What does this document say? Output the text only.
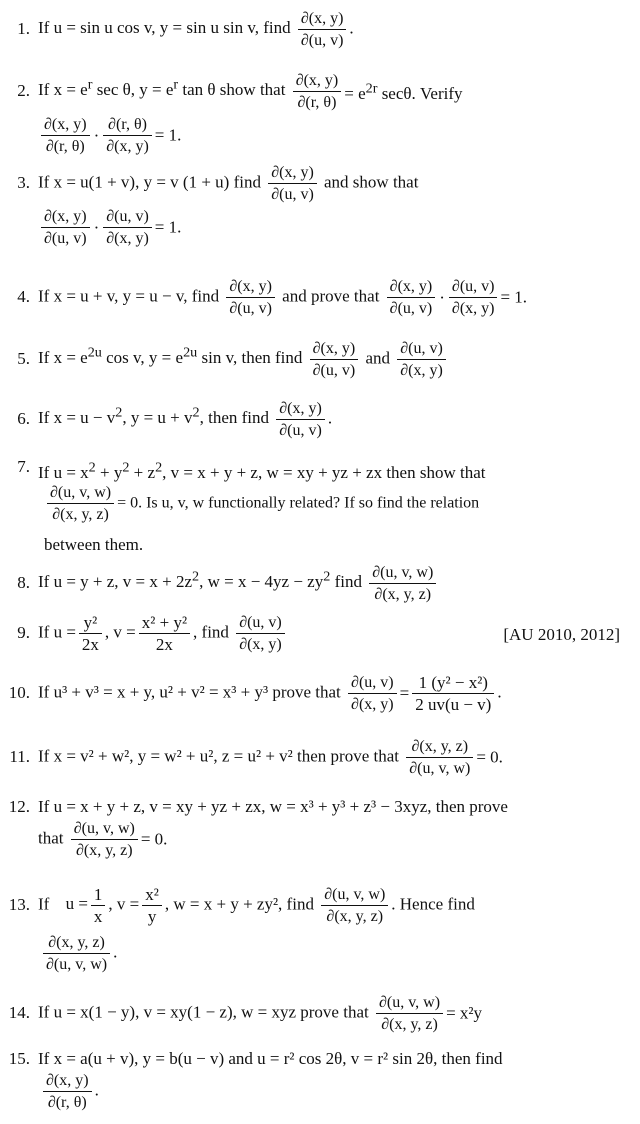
1. If u = sin u cos v, y = sin u sin v, find $\frac{\partial(x, y)}{\partial(u, v)}$ .
2. If $x = e^r$ sec θ, $y = e^r$ tan θ show that $\frac{\partial(x, y)}{\partial(r, \theta)} = e^{2r}$ secθ. Verify
$\frac{\partial(x, y)}{\partial(r, \theta)} \cdot \frac{\partial(r, \theta)}{\partial(x, y)} = 1$.
3. If x = u(1 + v), y = v (1 + u) find $\frac{\partial(x, y)}{\partial(u, v)}$ and show that
$\frac{\partial(x, y)}{\partial(u, v)} \cdot \frac{\partial(u, v)}{\partial(x, y)} = 1$.
4. If x = u + v, y = u − v, find $\frac{\partial(x, y)}{\partial(u, v)}$ and prove that $\frac{\partial(x, y)}{\partial(u, v)} \cdot \frac{\partial(u, v)}{\partial(x, y)} = 1$.
5. If $x = e^{2u}$ cos v, $y = e^{2u}$ sin v, then find $\frac{\partial(x, y)}{\partial(u, v)}$ and $\frac{\partial(u, v)}{\partial(x, y)}$
6. If $x = u - v^2$, $y = u + v^2$, then find $\frac{\partial(x, y)}{\partial(u, v)}$ .
7. If $u = x^2 + y^2 + z^2$, v = x + y + z, w = xy + yz + zx then show that
$\frac{\partial(u, v, w)}{\partial(x, y, z)} = 0$. Is u, v, w functionally related? If so find the relation
between them.
8. If u = y + z, $v = x + 2z^2$, $w = x - 4yz - zy^2$ find $\frac{\partial(u, v, w)}{\partial(x, y, z)}$
9. If $u = \frac{\text{y²}}{2x}$ , $v = \frac{\text{x² + y²}}{2x}$ , find $\frac{\partial(u, v)}{\partial(x, y)}$	[AU 2010, 2012]
10. If u³ + v³ = x + y, u² + v² = x³ + y³ prove that $\frac{\partial(u, v)}{\partial(x, y)} = \frac{\text{1 (y² − x²)}}{2 uv(u - v)}$ .
11. If x = v² + w², y = w² + u², z = u² + v² then prove that $\frac{\partial(x, y, z)}{\partial(u, v, w)} = 0$.
12. If u = x + y + z, v = xy + yz + zx, w = x³ + y³ + z³ − 3xyz, then prove
that $\frac{\partial(u, v, w)}{\partial(x, y, z)} = 0$.
13. If $u = \frac{1}{x}$ , $v = \frac{\text{x²}}{y}$ , w = x + y + zy², find $\frac{\partial(u, v, w)}{\partial(x, y, z)}$ . Hence find
$\frac{\partial(x, y, z)}{\partial(u, v, w)}$ .
14. If u = x(1 − y), v = xy(1 − z), w = xyz prove that $\frac{\partial(u, v, w)}{\partial(x, y, z)} = x^2y$
15. If x = a(u + v), y = b(u − v) and u = r² cos 2θ, v = r² sin 2θ, then find
$\frac{\partial(x, y)}{\partial(r, \theta)}$ .
